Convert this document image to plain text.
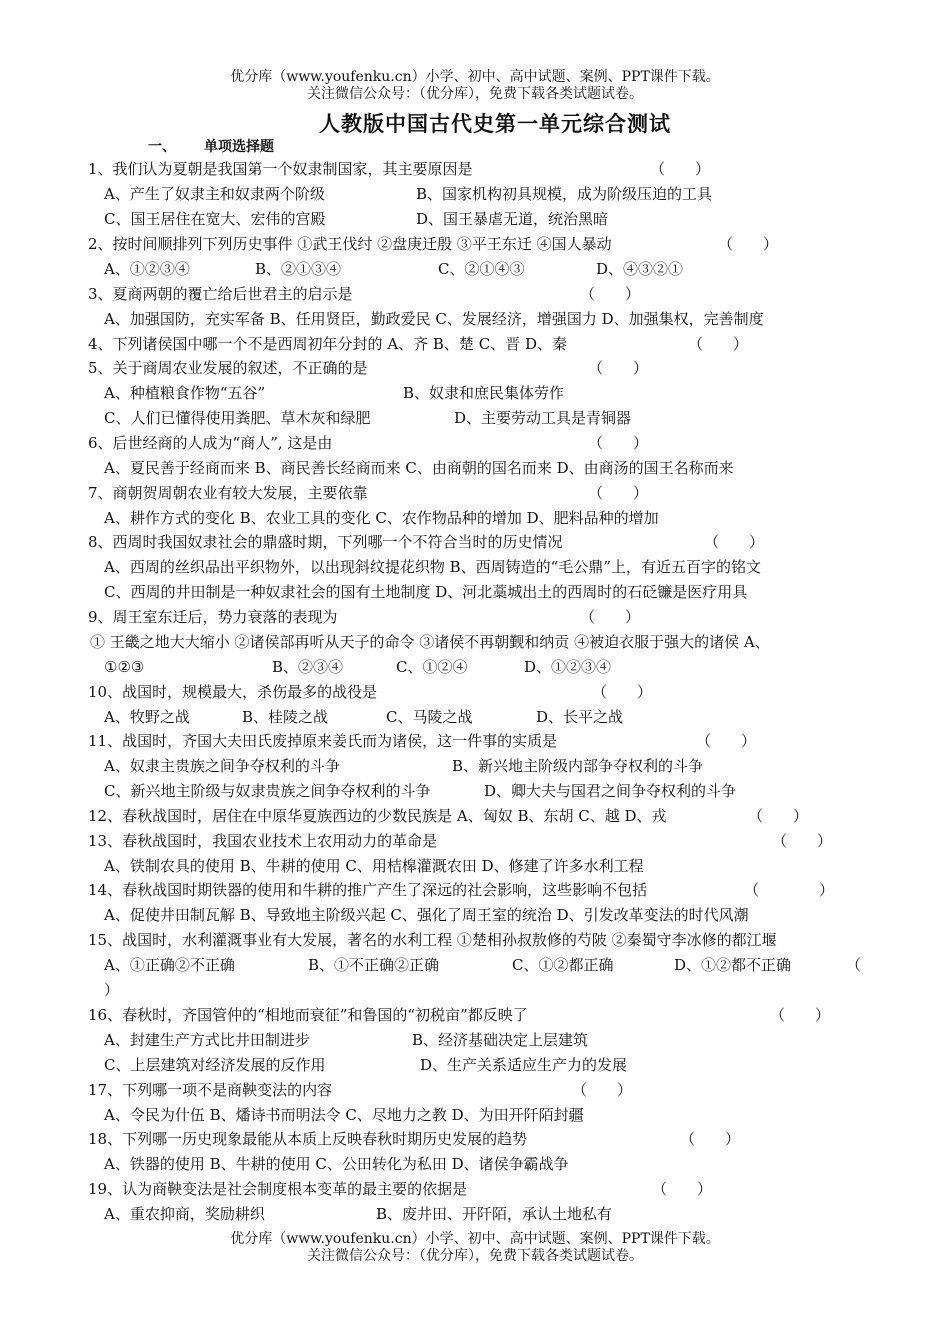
优分库（www.youfenku.cn）小学、初中、高中试题、案例、PPT课件下载。
关注微信公众号：（优分库），免费下载各类试题试卷。
人教版中国古代史第一单元综合测试
一、 单项选择题
1、我们认为夏朝是我国第一个奴隶制国家，其主要原因是	（　　）
A、产生了奴隶主和奴隶两个阶级	B、国家机构初具规模，成为阶级压迫的工具
C、国王居住在宽大、宏伟的宫殿	D、国王暴虐无道，统治黑暗
2、按时间顺排列下列历史事件 ①武王伐纣 ②盘庚迁殷 ③平王东迁 ④国人暴动	（　　）
A、①②③④	B、②①③④	C、②①④③	D、④③②①
3、夏商两朝的覆亡给后世君主的启示是	（　　）
A、加强国防，充实军备 B、任用贤臣，勤政爱民 C、发展经济，增强国力 D、加强集权，完善制度
4、下列诸侯国中哪一个不是西周初年分封的 A、齐 B、楚 C、晋 D、秦	（　　）
5、关于商周农业发展的叙述，不正确的是	（　　）
A、种植粮食作物“五谷”	B、奴隶和庶民集体劳作
C、人们已懂得使用粪肥、草木灰和绿肥	D、主要劳动工具是青铜器
6、后世经商的人成为“商人”, 这是由	（　　）
A、夏民善于经商而来 B、商民善长经商而来 C、由商朝的国名而来 D、由商汤的国王名称而来
7、商朝贺周朝农业有较大发展，主要依靠	（　　）
A、耕作方式的变化 B、农业工具的变化 C、农作物品种的增加 D、肥料品种的增加
8、西周时我国奴隶社会的鼎盛时期，下列哪一个不符合当时的历史情况	（　　）
A、西周的丝织品出平织物外，以出现斜纹提花织物 B、西周铸造的“毛公鼎”上，有近五百字的铭文
C、西周的井田制是一种奴隶社会的国有土地制度 D、河北藁城出土的西周时的石砭镰是医疗用具
9、周王室东迁后，势力衰落的表现为	（　　）
① 王畿之地大大缩小 ②诸侯部再听从天子的命令 ③诸侯不再朝觐和纳贡 ④被迫衣服于强大的诸侯 A、
①②③	B、②③④	C、①②④	D、①②③④
10、战国时，规模最大，杀伤最多的战役是	（　　）
A、牧野之战	B、桂陵之战	C、马陵之战	D、长平之战
11、战国时，齐国大夫田氏废掉原来姜氏而为诸侯，这一件事的实质是	（　　）
A、奴隶主贵族之间争夺权利的斗争	B、新兴地主阶级内部争夺权利的斗争
C、新兴地主阶级与奴隶贵族之间争夺权利的斗争	D、卿大夫与国君之间争夺权利的斗争
12、春秋战国时，居住在中原华夏族西边的少数民族是 A、匈奴 B、东胡 C、越 D、戎	（　　）
13、春秋战国时，我国农业技术上农用动力的革命是	（　　）
A、铁制农具的使用 B、牛耕的使用 C、用桔槔灌溉农田 D、修建了许多水利工程
14、春秋战国时期铁器的使用和牛耕的推广产生了深远的社会影响，这些影响不包括	（　　　　）
A、促使井田制瓦解 B、导致地主阶级兴起 C、强化了周王室的统治 D、引发改革变法的时代风潮
15、战国时，水利灌溉事业有大发展，著名的水利工程 ①楚相孙叔敖修的芍陂 ②秦蜀守李冰修的都江堰
A、①正确②不正确	B、①不正确②正确	C、①②都正确	D、①②都不正确	（
）
16、春秋时，齐国管仲的“相地而衰征”和鲁国的“初税亩”都反映了	（　　）
A、封建生产方式比井田制进步	B、经济基础决定上层建筑
C、上层建筑对经济发展的反作用	D、生产关系适应生产力的发展
17、下列哪一项不是商鞅变法的内容	（　　）
A、令民为什伍 B、燔诗书而明法令 C、尽地力之教 D、为田开阡陌封疆
18、下列哪一历史现象最能从本质上反映春秋时期历史发展的趋势	（　　）
A、铁器的使用 B、牛耕的使用 C、公田转化为私田 D、诸侯争霸战争
19、认为商鞅变法是社会制度根本变革的最主要的依据是	（　　）
A、重农抑商，奖励耕织	B、废井田、开阡陌，承认土地私有
优分库（www.youfenku.cn）小学、初中、高中试题、案例、PPT课件下载。
关注微信公众号：（优分库），免费下载各类试题试卷。
